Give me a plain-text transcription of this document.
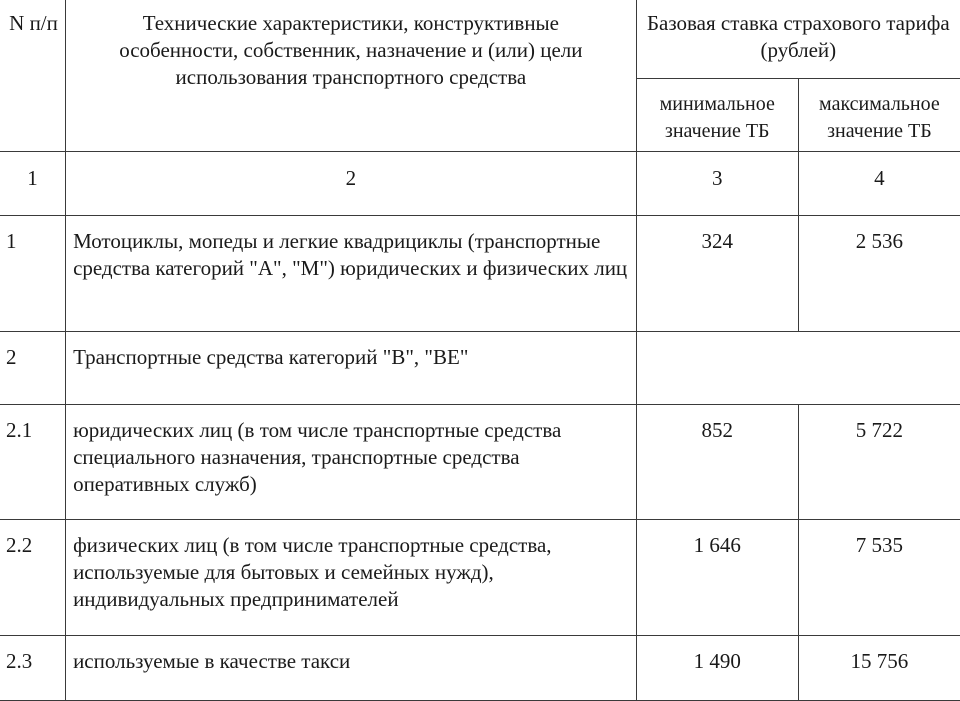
N п/п	Технические характеристики, конструктивные особенности, собственник, назначение и (или) цели использования транспортного средства	Базовая ставка страхового тарифа (рублей)	
		минимальное значение ТБ	максимальное значение ТБ
1	2	3	4
1	Мотоциклы, мопеды и легкие квадрициклы (транспортные средства категорий "А", "М") юридических и физических лиц	324	2 536
2	Транспортные средства категорий "В", "ВЕ"		
2.1	юридических лиц (в том числе транспортные средства специального назначения, транспортные средства оперативных служб)	852	5 722
2.2	физических лиц (в том числе транспортные средства, используемые для бытовых и семейных нужд), индивидуальных предпринимателей	1 646	7 535
2.3	используемые в качестве такси	1 490	15 756
